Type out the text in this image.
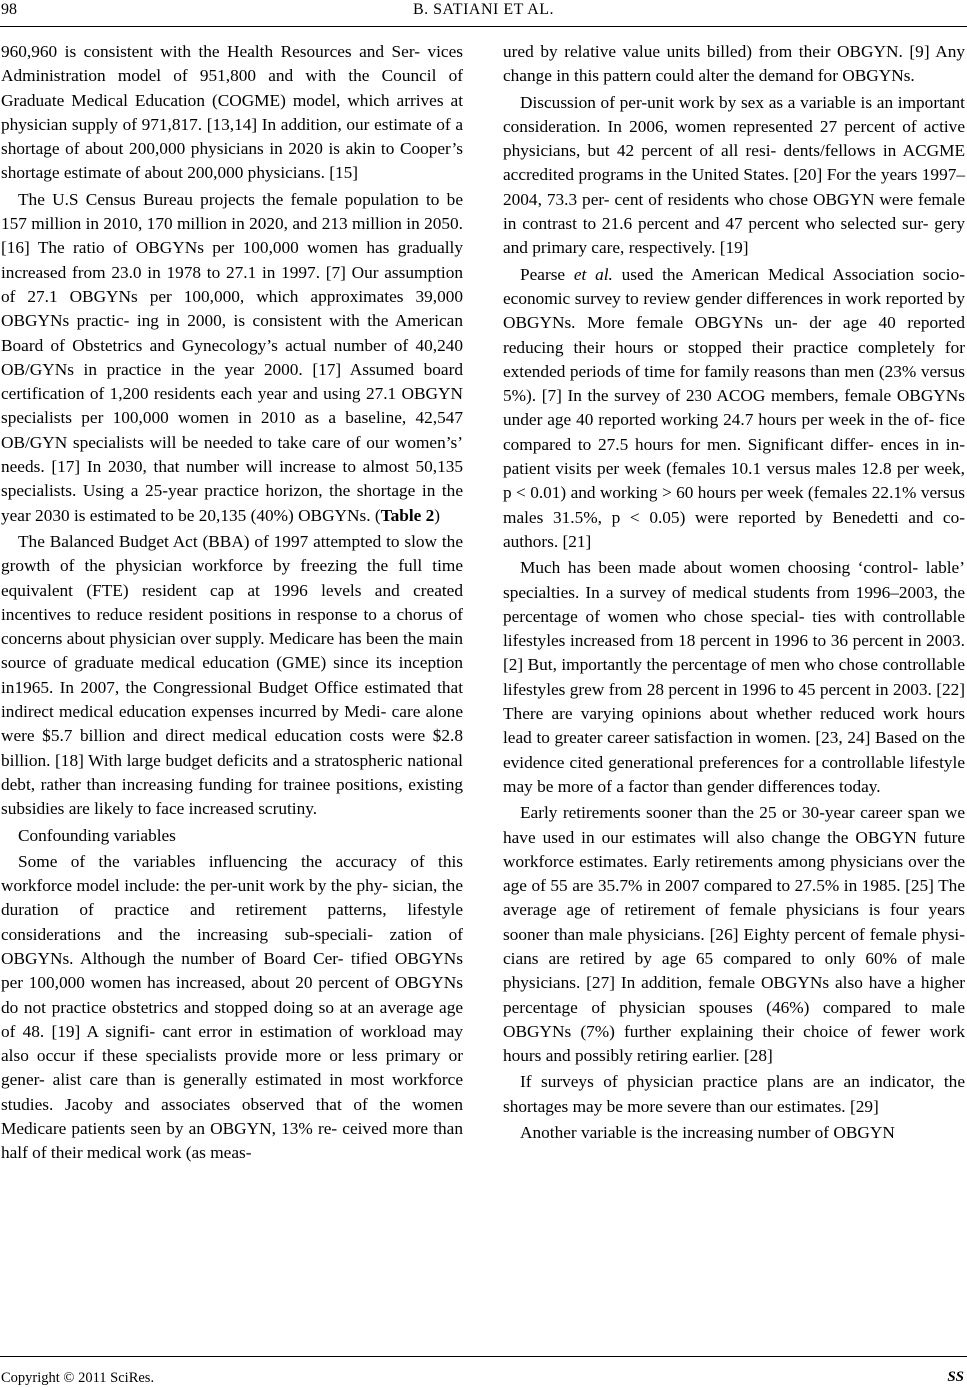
98	B. SATIANI ET AL.

960,960 is consistent with the Health Resources and Ser- vices Administration model of 951,800 and with the Council of Graduate Medical Education (COGME) model, which arrives at physician supply of 971,817. [13,14] In addition, our estimate of a shortage of about 200,000 physicians in 2020 is akin to Cooper’s shortage estimate of about 200,000 physicians. [15]

The U.S Census Bureau projects the female population to be 157 million in 2010, 170 million in 2020, and 213 million in 2050. [16] The ratio of OBGYNs per 100,000 women has gradually increased from 23.0 in 1978 to 27.1 in 1997. [7] Our assumption of 27.1 OBGYNs per 100,000, which approximates 39,000 OBGYNs practic- ing in 2000, is consistent with the American Board of Obstetrics and Gynecology’s actual number of 40,240 OB/GYNs in practice in the year 2000. [17] Assumed board certification of 1,200 residents each year and using 27.1 OBGYN specialists per 100,000 women in 2010 as a baseline, 42,547 OB/GYN specialists will be needed to take care of our women’s’ needs. [17] In 2030, that number will increase to almost 50,135 specialists. Using a 25-year practice horizon, the shortage in the year 2030 is estimated to be 20,135 (40%) OBGYNs. (Table 2)

The Balanced Budget Act (BBA) of 1997 attempted to slow the growth of the physician workforce by freezing the full time equivalent (FTE) resident cap at 1996 levels and created incentives to reduce resident positions in response to a chorus of concerns about physician over supply. Medicare has been the main source of graduate medical education (GME) since its inception in1965. In 2007, the Congressional Budget Office estimated that indirect medical education expenses incurred by Medi- care alone were $5.7 billion and direct medical education costs were $2.8 billion. [18] With large budget deficits and a stratospheric national debt, rather than increasing funding for trainee positions, existing subsidies are likely to face increased scrutiny.

Confounding variables

Some of the variables influencing the accuracy of this workforce model include: the per-unit work by the phy- sician, the duration of practice and retirement patterns, lifestyle considerations and the increasing sub-speciali- zation of OBGYNs. Although the number of Board Cer- tified OBGYNs per 100,000 women has increased, about 20 percent of OBGYNs do not practice obstetrics and stopped doing so at an average age of 48. [19] A signifi- cant error in estimation of workload may also occur if these specialists provide more or less primary or gener- alist care than is generally estimated in most workforce studies. Jacoby and associates observed that of the women Medicare patients seen by an OBGYN, 13% re- ceived more than half of their medical work (as meas-

ured by relative value units billed) from their OBGYN. [9] Any change in this pattern could alter the demand for OBGYNs.

Discussion of per-unit work by sex as a variable is an important consideration. In 2006, women represented 27 percent of active physicians, but 42 percent of all resi- dents/fellows in ACGME accredited programs in the United States. [20] For the years 1997–2004, 73.3 per- cent of residents who chose OBGYN were female in contrast to 21.6 percent and 47 percent who selected sur- gery and primary care, respectively. [19]

Pearse et al. used the American Medical Association socio-economic survey to review gender differences in work reported by OBGYNs. More female OBGYNs un- der age 40 reported reducing their hours or stopped their practice completely for extended periods of time for family reasons than men (23% versus 5%). [7] In the survey of 230 ACOG members, female OBGYNs under age 40 reported working 24.7 hours per week in the of- fice compared to 27.5 hours for men. Significant differ- ences in in-patient visits per week (females 10.1 versus males 12.8 per week, p < 0.01) and working > 60 hours per week (females 22.1% versus males 31.5%, p < 0.05) were reported by Benedetti and co-authors. [21]

Much has been made about women choosing ‘control- lable’ specialties. In a survey of medical students from 1996–2003, the percentage of women who chose special- ties with controllable lifestyles increased from 18 percent in 1996 to 36 percent in 2003. [2] But, importantly the percentage of men who chose controllable lifestyles grew from 28 percent in 1996 to 45 percent in 2003. [22] There are varying opinions about whether reduced work hours lead to greater career satisfaction in women. [23, 24] Based on the evidence cited generational preferences for a controllable lifestyle may be more of a factor than gender differences today.

Early retirements sooner than the 25 or 30-year career span we have used in our estimates will also change the OBGYN future workforce estimates. Early retirements among physicians over the age of 55 are 35.7% in 2007 compared to 27.5% in 1985. [25] The average age of retirement of female physicians is four years sooner than male physicians. [26] Eighty percent of female physi- cians are retired by age 65 compared to only 60% of male physicians. [27] In addition, female OBGYNs also have a higher percentage of physician spouses (46%) compared to male OBGYNs (7%) further explaining their choice of fewer work hours and possibly retiring earlier. [28]

If surveys of physician practice plans are an indicator, the shortages may be more severe than our estimates. [29]

Another variable is the increasing number of OBGYN

Copyright © 2011 SciRes.	SS
